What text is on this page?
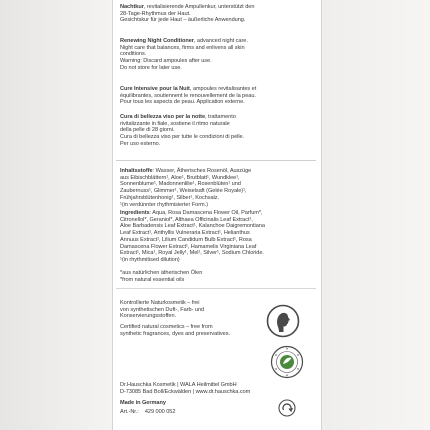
Nachtkur, revitalisierende Ampullenkur, unterstützt den

28-Tage-Rhythmus der Haut.

Gesichtskur für jede Haut – äußerliche Anwendung.

Renewing Night Conditioner, advanced night care.

Night care that balances, firms and enlivens all skin

conditions.

Warning: Discard ampoules after use.

Do not store for later use.

Cure Intensive pour la Nuit, ampoules revitalisantes et

équilibrantes, soutiennent le renouvellement de la peau.

Pour tous les aspects de peau. Application externe.

Cura di bellezza viso per la notte, trattamento

rivitalizzante in fiale, sostiene il ritmo naturale

della pelle di 28 giorni.

Cura di bellezza viso per tutte le condizioni di pelle.

Per uso esterno.

Inhaltsstoffe: Wasser, Ätherisches Rosenöl, Auszüge

aus Eibischblättern¹, Aloe¹, Brutblatt¹, Wundklee¹,

Sonnenblume¹, Madonnenlilie¹, Rosenblüten¹ und

Zaubernuss¹, Glimmer¹, Weiselsaft (Gelée Royale)¹,

Frühjahrsblütenhonig¹, Silber¹, Kochsalz.

¹(in verdünnter rhythmisierter Form.)

Ingredients: Aqua, Rosa Damascena Flower Oil, Parfum*,

Citronellol*, Geraniol*, Althaea Officinalis Leaf Extract¹,

Aloe Barbadensis Leaf Extract¹, Kalanchoe Daigremontiana

Leaf Extract¹, Anthyllis Vulneraria Extract¹, Helianthus

Annuus Extract¹, Lilium Candidum Bulb Extract¹, Rosa

Damascena Flower Extract¹, Hamamelis Virginiana Leaf

Extract¹, Mica¹, Royal Jelly¹, Mel¹, Silver¹, Sodium Chloride.

¹(in rhythmitised dilution)

*aus natürlichen ätherischen Ölen

*from natural essential oils

Kontrollierte Naturkosmetik – frei

von synthetischen Duft-, Farb- und

Konservierungsstoffen.

Certified natural cosmetics – free from

synthetic fragrances, dyes and preservatives.

Dr.Hauschka Kosmetik | WALA Heilmittel GmbH

D-73085 Bad Boll/Eckwälden | www.dr.hauschka.com

Made in Germany

Art.-Nr.: 429 000 052
